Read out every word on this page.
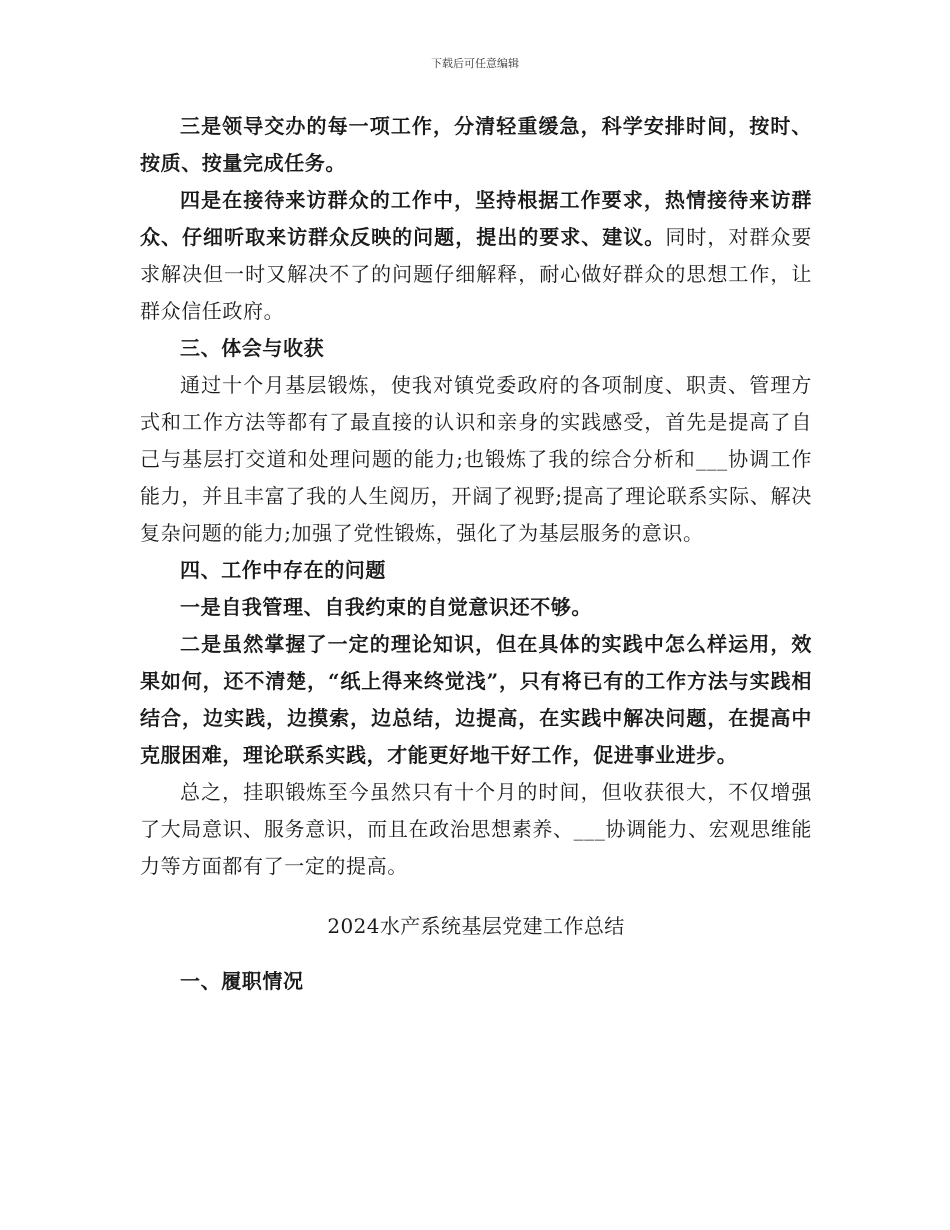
下载后可任意编辑

三是领导交办的每一项工作，分清轻重缓急，科学安排时间，按时、按质、按量完成任务。

四是在接待来访群众的工作中，坚持根据工作要求，热情接待来访群众、仔细听取来访群众反映的问题，提出的要求、建议。同时，对群众要求解决但一时又解决不了的问题仔细解释，耐心做好群众的思想工作，让群众信任政府。

三、体会与收获

通过十个月基层锻炼，使我对镇党委政府的各项制度、职责、管理方式和工作方法等都有了最直接的认识和亲身的实践感受，首先是提高了自己与基层打交道和处理问题的能力;也锻炼了我的综合分析和___协调工作能力，并且丰富了我的人生阅历，开阔了视野;提高了理论联系实际、解决复杂问题的能力;加强了党性锻炼，强化了为基层服务的意识。

四、工作中存在的问题

一是自我管理、自我约束的自觉意识还不够。

二是虽然掌握了一定的理论知识，但在具体的实践中怎么样运用，效果如何，还不清楚，“纸上得来终觉浅”，只有将已有的工作方法与实践相结合，边实践，边摸索，边总结，边提高，在实践中解决问题，在提高中克服困难，理论联系实践，才能更好地干好工作，促进事业进步。

总之，挂职锻炼至今虽然只有十个月的时间，但收获很大，不仅增强了大局意识、服务意识，而且在政治思想素养、___协调能力、宏观思维能力等方面都有了一定的提高。

2024水产系统基层党建工作总结

一、履职情况
